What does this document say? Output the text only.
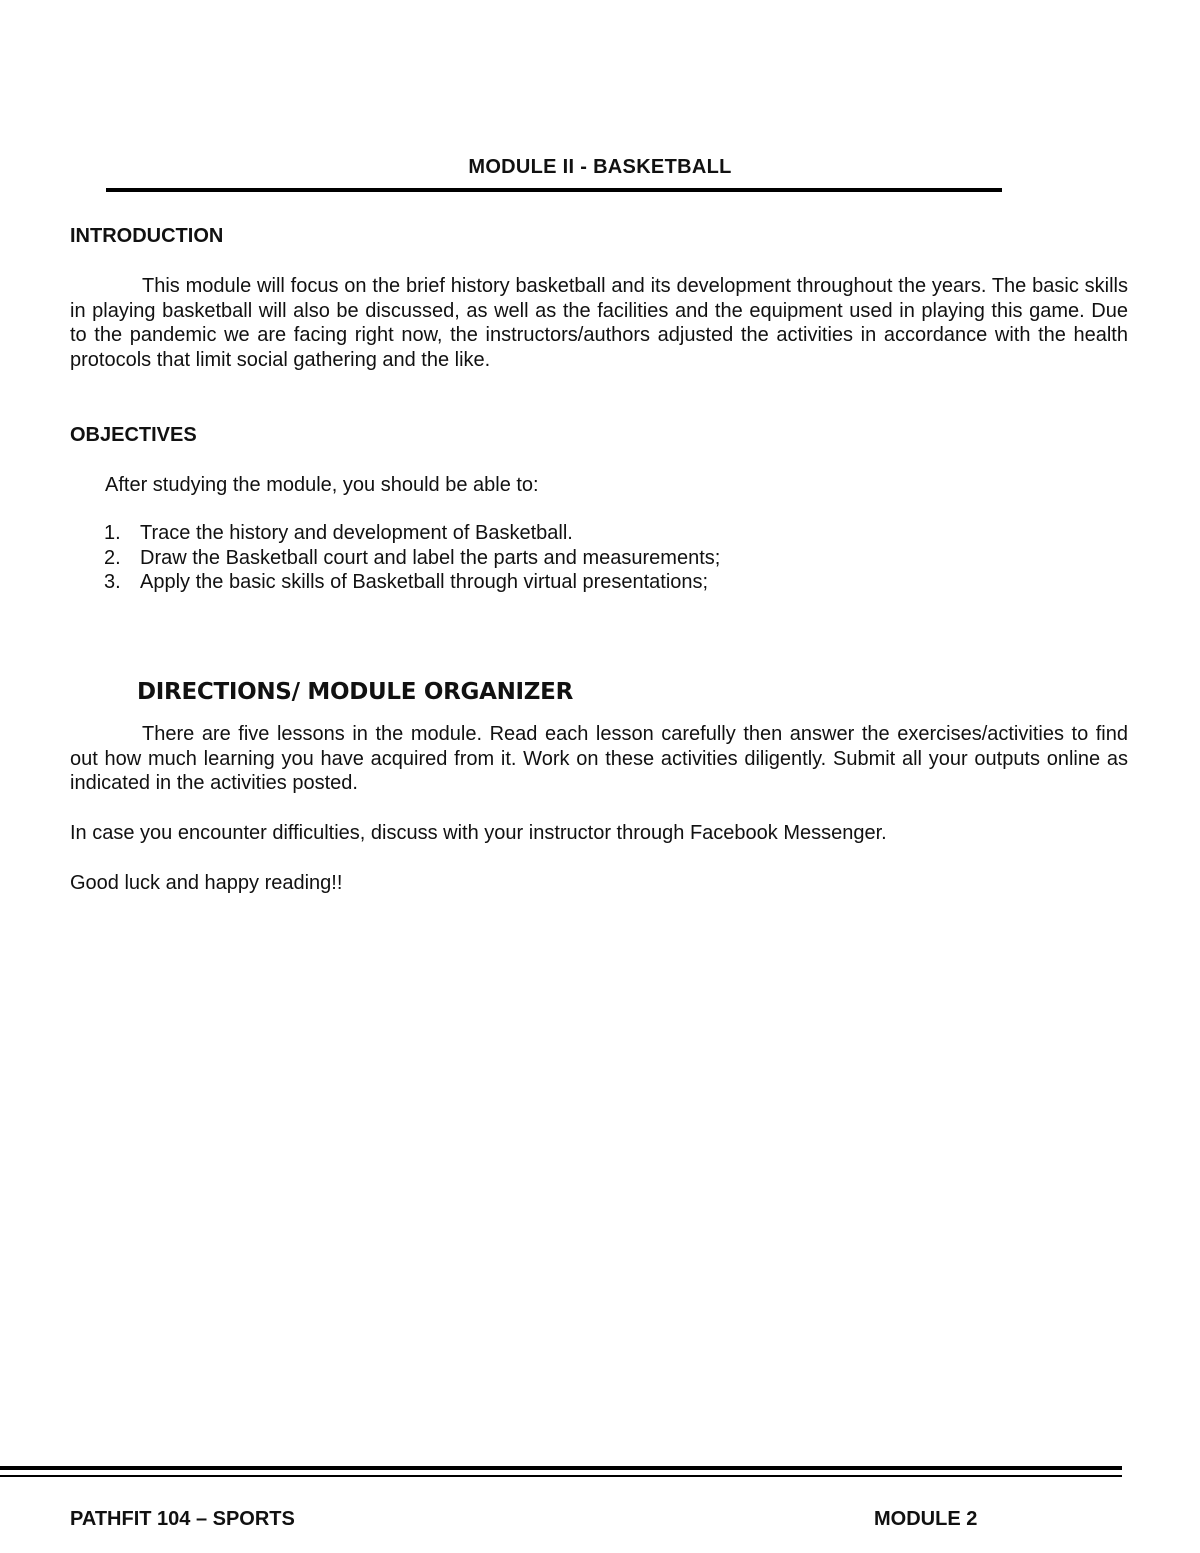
MODULE II - BASKETBALL
INTRODUCTION

This module will focus on the brief history basketball and its development throughout the years. The basic skills in playing basketball will also be discussed, as well as the facilities and the equipment used in playing this game. Due to the pandemic we are facing right now, the instructors/authors adjusted the activities in accordance with the health protocols that limit social gathering and the like.

OBJECTIVES

After studying the module, you should be able to:

1. Trace the history and development of Basketball.
2. Draw the Basketball court and label the parts and measurements;
3. Apply the basic skills of Basketball through virtual presentations;
DIRECTIONS/ MODULE ORGANIZER

There are five lessons in the module. Read each lesson carefully then answer the exercises/activities to find out how much learning you have acquired from it. Work on these activities diligently. Submit all your outputs online as indicated in the activities posted.

In case you encounter difficulties, discuss with your instructor through Facebook Messenger.

Good luck and happy reading!!

PATHFIT 104 – SPORTS	MODULE 2
